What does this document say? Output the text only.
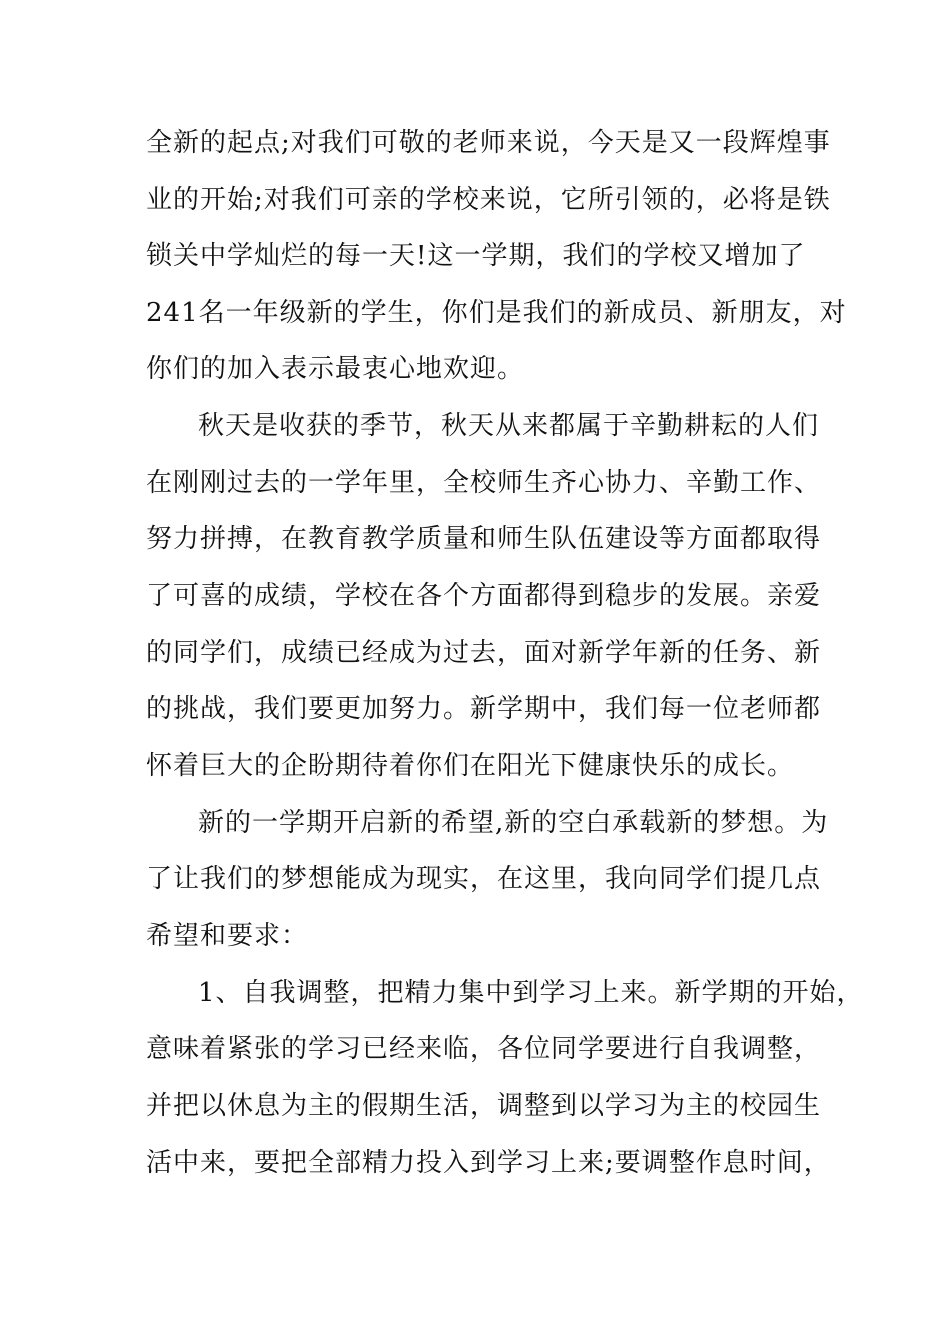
全新的起点;对我们可敬的老师来说，今天是又一段辉煌事
业的开始;对我们可亲的学校来说，它所引领的，必将是铁
锁关中学灿烂的每一天!这一学期，我们的学校又增加了
241名一年级新的学生，你们是我们的新成员、新朋友，对
你们的加入表示最衷心地欢迎。
秋天是收获的季节，秋天从来都属于辛勤耕耘的人们
在刚刚过去的一学年里，全校师生齐心协力、辛勤工作、
努力拼搏，在教育教学质量和师生队伍建设等方面都取得
了可喜的成绩，学校在各个方面都得到稳步的发展。亲爱
的同学们，成绩已经成为过去，面对新学年新的任务、新
的挑战，我们要更加努力。新学期中，我们每一位老师都
怀着巨大的企盼期待着你们在阳光下健康快乐的成长。
新的一学期开启新的希望,新的空白承载新的梦想。为
了让我们的梦想能成为现实，在这里，我向同学们提几点
希望和要求：
1、自我调整，把精力集中到学习上来。新学期的开始，
意味着紧张的学习已经来临，各位同学要进行自我调整，
并把以休息为主的假期生活，调整到以学习为主的校园生
活中来，要把全部精力投入到学习上来;要调整作息时间，
